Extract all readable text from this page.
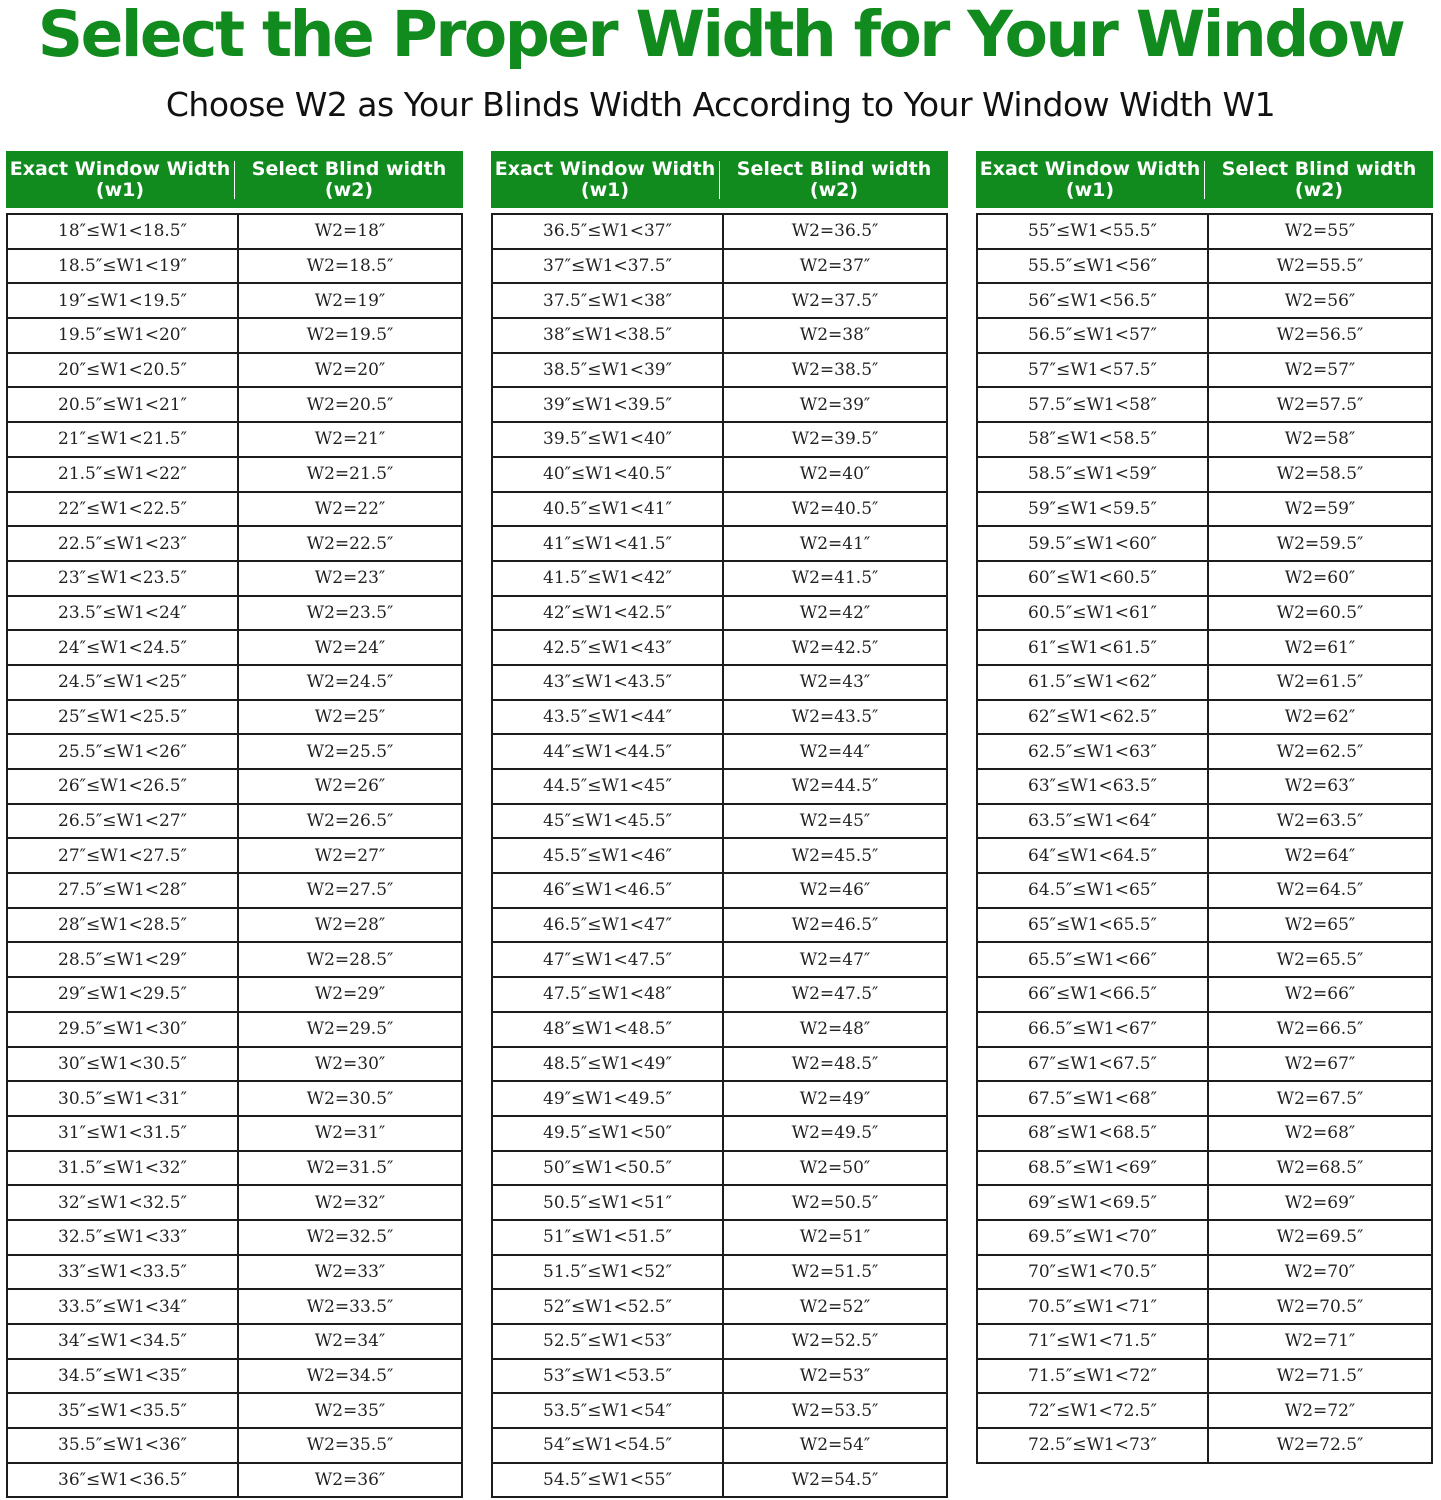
Select the Proper Width for Your Window

Choose W2 as Your Blinds Width According to Your Window Width W1

Exact Window Width
(w1)
Select Blind width
(w2)
18″≤W1<18.5″	W2=18″
18.5″≤W1<19″	W2=18.5″
19″≤W1<19.5″	W2=19″
19.5″≤W1<20″	W2=19.5″
20″≤W1<20.5″	W2=20″
20.5″≤W1<21″	W2=20.5″
21″≤W1<21.5″	W2=21″
21.5″≤W1<22″	W2=21.5″
22″≤W1<22.5″	W2=22″
22.5″≤W1<23″	W2=22.5″
23″≤W1<23.5″	W2=23″
23.5″≤W1<24″	W2=23.5″
24″≤W1<24.5″	W2=24″
24.5″≤W1<25″	W2=24.5″
25″≤W1<25.5″	W2=25″
25.5″≤W1<26″	W2=25.5″
26″≤W1<26.5″	W2=26″
26.5″≤W1<27″	W2=26.5″
27″≤W1<27.5″	W2=27″
27.5″≤W1<28″	W2=27.5″
28″≤W1<28.5″	W2=28″
28.5″≤W1<29″	W2=28.5″
29″≤W1<29.5″	W2=29″
29.5″≤W1<30″	W2=29.5″
30″≤W1<30.5″	W2=30″
30.5″≤W1<31″	W2=30.5″
31″≤W1<31.5″	W2=31″
31.5″≤W1<32″	W2=31.5″
32″≤W1<32.5″	W2=32″
32.5″≤W1<33″	W2=32.5″
33″≤W1<33.5″	W2=33″
33.5″≤W1<34″	W2=33.5″
34″≤W1<34.5″	W2=34″
34.5″≤W1<35″	W2=34.5″
35″≤W1<35.5″	W2=35″
35.5″≤W1<36″	W2=35.5″
36″≤W1<36.5″	W2=36″
Exact Window Width
(w1)
Select Blind width
(w2)
36.5″≤W1<37″	W2=36.5″
37″≤W1<37.5″	W2=37″
37.5″≤W1<38″	W2=37.5″
38″≤W1<38.5″	W2=38″
38.5″≤W1<39″	W2=38.5″
39″≤W1<39.5″	W2=39″
39.5″≤W1<40″	W2=39.5″
40″≤W1<40.5″	W2=40″
40.5″≤W1<41″	W2=40.5″
41″≤W1<41.5″	W2=41″
41.5″≤W1<42″	W2=41.5″
42″≤W1<42.5″	W2=42″
42.5″≤W1<43″	W2=42.5″
43″≤W1<43.5″	W2=43″
43.5″≤W1<44″	W2=43.5″
44″≤W1<44.5″	W2=44″
44.5″≤W1<45″	W2=44.5″
45″≤W1<45.5″	W2=45″
45.5″≤W1<46″	W2=45.5″
46″≤W1<46.5″	W2=46″
46.5″≤W1<47″	W2=46.5″
47″≤W1<47.5″	W2=47″
47.5″≤W1<48″	W2=47.5″
48″≤W1<48.5″	W2=48″
48.5″≤W1<49″	W2=48.5″
49″≤W1<49.5″	W2=49″
49.5″≤W1<50″	W2=49.5″
50″≤W1<50.5″	W2=50″
50.5″≤W1<51″	W2=50.5″
51″≤W1<51.5″	W2=51″
51.5″≤W1<52″	W2=51.5″
52″≤W1<52.5″	W2=52″
52.5″≤W1<53″	W2=52.5″
53″≤W1<53.5″	W2=53″
53.5″≤W1<54″	W2=53.5″
54″≤W1<54.5″	W2=54″
54.5″≤W1<55″	W2=54.5″
Exact Window Width
(w1)
Select Blind width
(w2)
55″≤W1<55.5″	W2=55″
55.5″≤W1<56″	W2=55.5″
56″≤W1<56.5″	W2=56″
56.5″≤W1<57″	W2=56.5″
57″≤W1<57.5″	W2=57″
57.5″≤W1<58″	W2=57.5″
58″≤W1<58.5″	W2=58″
58.5″≤W1<59″	W2=58.5″
59″≤W1<59.5″	W2=59″
59.5″≤W1<60″	W2=59.5″
60″≤W1<60.5″	W2=60″
60.5″≤W1<61″	W2=60.5″
61″≤W1<61.5″	W2=61″
61.5″≤W1<62″	W2=61.5″
62″≤W1<62.5″	W2=62″
62.5″≤W1<63″	W2=62.5″
63″≤W1<63.5″	W2=63″
63.5″≤W1<64″	W2=63.5″
64″≤W1<64.5″	W2=64″
64.5″≤W1<65″	W2=64.5″
65″≤W1<65.5″	W2=65″
65.5″≤W1<66″	W2=65.5″
66″≤W1<66.5″	W2=66″
66.5″≤W1<67″	W2=66.5″
67″≤W1<67.5″	W2=67″
67.5″≤W1<68″	W2=67.5″
68″≤W1<68.5″	W2=68″
68.5″≤W1<69″	W2=68.5″
69″≤W1<69.5″	W2=69″
69.5″≤W1<70″	W2=69.5″
70″≤W1<70.5″	W2=70″
70.5″≤W1<71″	W2=70.5″
71″≤W1<71.5″	W2=71″
71.5″≤W1<72″	W2=71.5″
72″≤W1<72.5″	W2=72″
72.5″≤W1<73″	W2=72.5″
